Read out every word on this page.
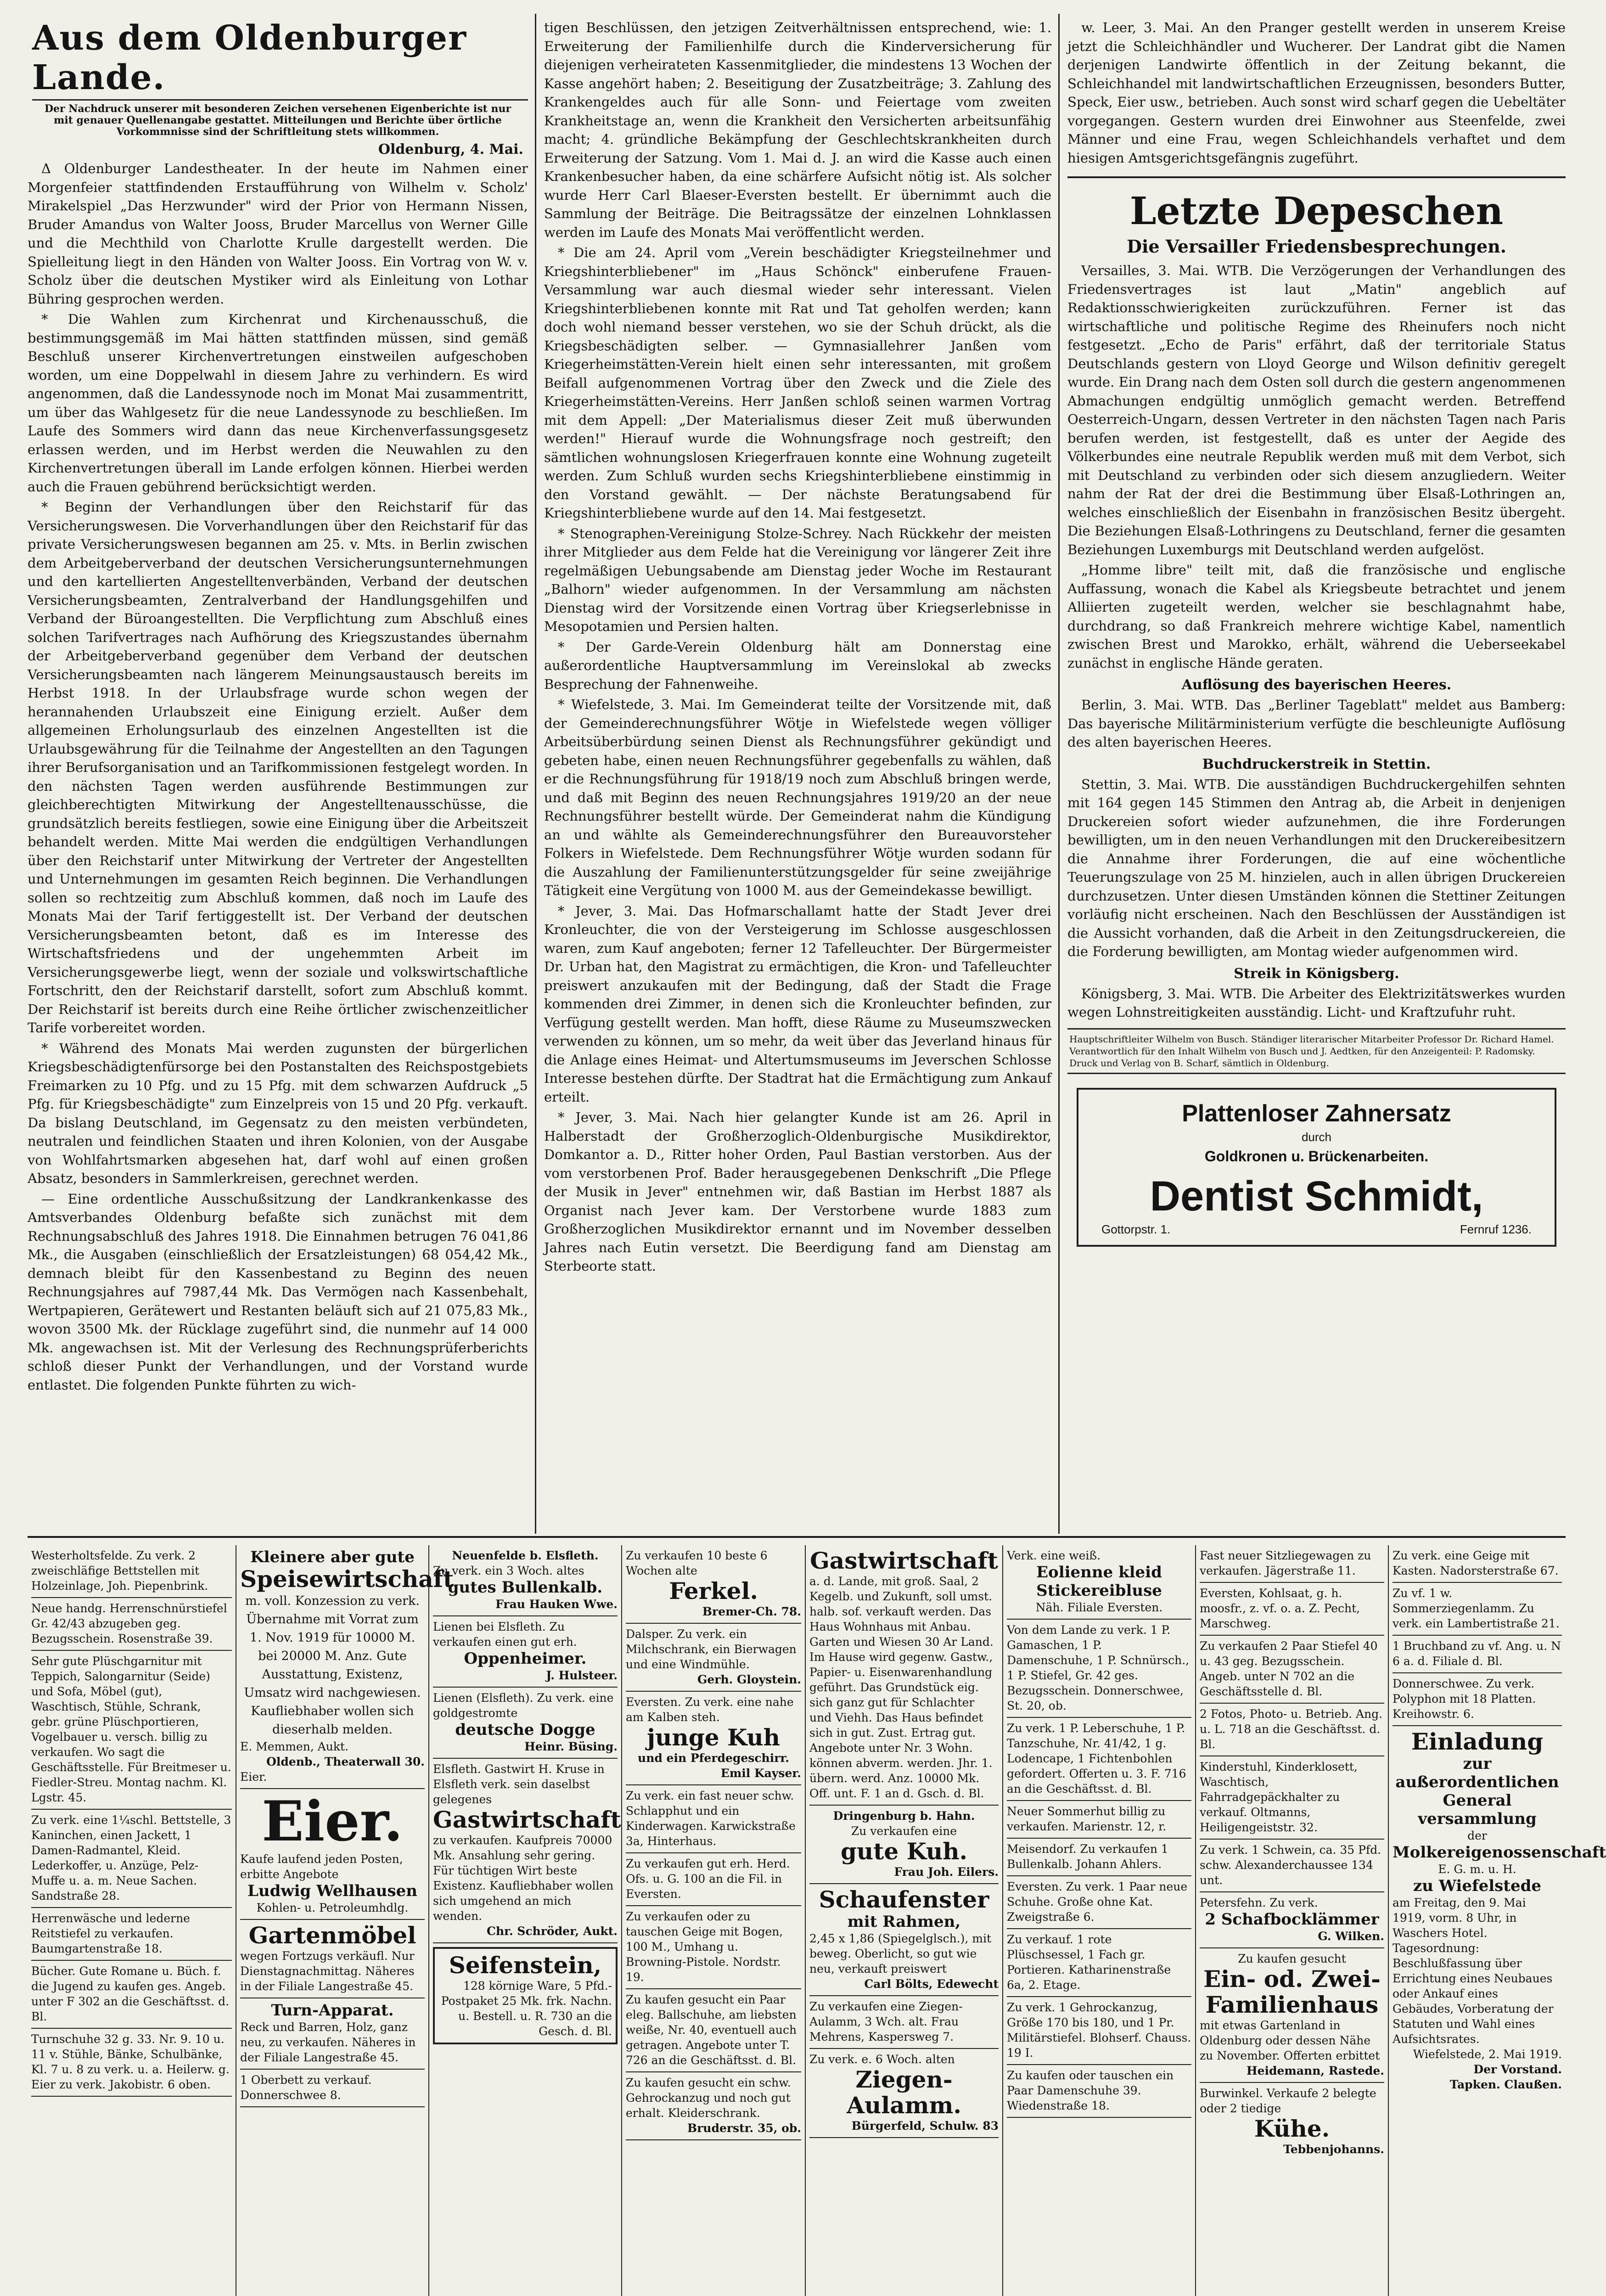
Aus dem Oldenburger Lande.
Der Nachdruck unserer mit besonderen Zeichen versehenen Eigenberichte ist nur mit genauer Quellenangabe gestattet. Mitteilungen und Berichte über örtliche Vorkommnisse sind der Schriftleitung stets willkommen.
Oldenburg, 4. Mai.

Δ Oldenburger Landestheater. In der heute im Nahmen einer Morgenfeier stattfindenden Erstaufführung von Wilhelm v. Scholz' Mirakelspiel „Das Herzwunder" wird der Prior von Hermann Nissen, Bruder Amandus von Walter Jooss, Bruder Marcellus von Werner Gille und die Mechthild von Charlotte Krulle dargestellt werden. Die Spielleitung liegt in den Händen von Walter Jooss. Ein Vortrag von W. v. Scholz über die deutschen Mystiker wird als Einleitung von Lothar Bühring gesprochen werden.

* Die Wahlen zum Kirchenrat und Kirchenausschuß, die bestimmungsgemäß im Mai hätten stattfinden müssen, sind gemäß Beschluß unserer Kirchenvertretungen einstweilen aufgeschoben worden, um eine Doppelwahl in diesem Jahre zu verhindern. Es wird angenommen, daß die Landessynode noch im Monat Mai zusammentritt, um über das Wahlgesetz für die neue Landessynode zu beschließen. Im Laufe des Sommers wird dann das neue Kirchenverfassungsgesetz erlassen werden, und im Herbst werden die Neuwahlen zu den Kirchenvertretungen überall im Lande erfolgen können. Hierbei werden auch die Frauen gebührend berücksichtigt werden.

* Beginn der Verhandlungen über den Reichstarif für das Versicherungswesen. Die Vorverhandlungen über den Reichstarif für das private Versicherungswesen begannen am 25. v. Mts. in Berlin zwischen dem Arbeitgeberverband der deutschen Versicherungsunternehmungen und den kartellierten Angestelltenverbänden, Verband der deutschen Versicherungsbeamten, Zentralverband der Handlungsgehilfen und Verband der Büroangestellten. Die Verpflichtung zum Abschluß eines solchen Tarifvertrages nach Aufhörung des Kriegszustandes übernahm der Arbeitgeberverband gegenüber dem Verband der deutschen Versicherungsbeamten nach längerem Meinungsaustausch bereits im Herbst 1918. In der Urlaubsfrage wurde schon wegen der herannahenden Urlaubszeit eine Einigung erzielt. Außer dem allgemeinen Erholungsurlaub des einzelnen Angestellten ist die Urlaubsgewährung für die Teilnahme der Angestellten an den Tagungen ihrer Berufsorganisation und an Tarifkommissionen festgelegt worden. In den nächsten Tagen werden ausführende Bestimmungen zur gleichberechtigten Mitwirkung der Angestelltenausschüsse, die grundsätzlich bereits festliegen, sowie eine Einigung über die Arbeitszeit behandelt werden. Mitte Mai werden die endgültigen Verhandlungen über den Reichstarif unter Mitwirkung der Vertreter der Angestellten und Unternehmungen im gesamten Reich beginnen. Die Verhandlungen sollen so rechtzeitig zum Abschluß kommen, daß noch im Laufe des Monats Mai der Tarif fertiggestellt ist. Der Verband der deutschen Versicherungsbeamten betont, daß es im Interesse des Wirtschaftsfriedens und der ungehemmten Arbeit im Versicherungsgewerbe liegt, wenn der soziale und volkswirtschaftliche Fortschritt, den der Reichstarif darstellt, sofort zum Abschluß kommt. Der Reichstarif ist bereits durch eine Reihe örtlicher zwischenzeitlicher Tarife vorbereitet worden.

* Während des Monats Mai werden zugunsten der bürgerlichen Kriegsbeschädigtenfürsorge bei den Postanstalten des Reichspostgebiets Freimarken zu 10 Pfg. und zu 15 Pfg. mit dem schwarzen Aufdruck „5 Pfg. für Kriegsbeschädigte" zum Einzelpreis von 15 und 20 Pfg. verkauft. Da bislang Deutschland, im Gegensatz zu den meisten verbündeten, neutralen und feindlichen Staaten und ihren Kolonien, von der Ausgabe von Wohlfahrtsmarken abgesehen hat, darf wohl auf einen großen Absatz, besonders in Sammlerkreisen, gerechnet werden.

— Eine ordentliche Ausschußsitzung der Landkrankenkasse des Amtsverbandes Oldenburg befaßte sich zunächst mit dem Rechnungsabschluß des Jahres 1918. Die Einnahmen betrugen 76 041,86 Mk., die Ausgaben (einschließlich der Ersatzleistungen) 68 054,42 Mk., demnach bleibt für den Kassenbestand zu Beginn des neuen Rechnungsjahres auf 7987,44 Mk. Das Vermögen nach Kassenbehalt, Wertpapieren, Gerätewert und Restanten beläuft sich auf 21 075,83 Mk., wovon 3500 Mk. der Rücklage zugeführt sind, die nunmehr auf 14 000 Mk. angewachsen ist. Mit der Verlesung des Rechnungsprüferberichts schloß dieser Punkt der Verhandlungen, und der Vorstand wurde entlastet. Die folgenden Punkte führten zu wich-

tigen Beschlüssen, den jetzigen Zeitverhältnissen entsprechend, wie: 1. Erweiterung der Familienhilfe durch die Kinderversicherung für diejenigen verheirateten Kassenmitglieder, die mindestens 13 Wochen der Kasse angehört haben; 2. Beseitigung der Zusatzbeiträge; 3. Zahlung des Krankengeldes auch für alle Sonn- und Feiertage vom zweiten Krankheitstage an, wenn die Krankheit den Versicherten arbeitsunfähig macht; 4. gründliche Bekämpfung der Geschlechtskrankheiten durch Erweiterung der Satzung. Vom 1. Mai d. J. an wird die Kasse auch einen Krankenbesucher haben, da eine schärfere Aufsicht nötig ist. Als solcher wurde Herr Carl Blaeser-Eversten bestellt. Er übernimmt auch die Sammlung der Beiträge. Die Beitragssätze der einzelnen Lohnklassen werden im Laufe des Monats Mai veröffentlicht werden.

* Die am 24. April vom „Verein beschädigter Kriegsteilnehmer und Kriegshinterbliebener" im „Haus Schönck" einberufene Frauen-Versammlung war auch diesmal wieder sehr interessant. Vielen Kriegshinterbliebenen konnte mit Rat und Tat geholfen werden; kann doch wohl niemand besser verstehen, wo sie der Schuh drückt, als die Kriegsbeschädigten selber. — Gymnasiallehrer Janßen vom Kriegerheimstätten-Verein hielt einen sehr interessanten, mit großem Beifall aufgenommenen Vortrag über den Zweck und die Ziele des Kriegerheimstätten-Vereins. Herr Janßen schloß seinen warmen Vortrag mit dem Appell: „Der Materialismus dieser Zeit muß überwunden werden!" Hierauf wurde die Wohnungsfrage noch gestreift; den sämtlichen wohnungslosen Kriegerfrauen konnte eine Wohnung zugeteilt werden. Zum Schluß wurden sechs Kriegshinterbliebene einstimmig in den Vorstand gewählt. — Der nächste Beratungsabend für Kriegshinterbliebene wurde auf den 14. Mai festgesetzt.

* Stenographen-Vereinigung Stolze-Schrey. Nach Rückkehr der meisten ihrer Mitglieder aus dem Felde hat die Vereinigung vor längerer Zeit ihre regelmäßigen Uebungsabende am Dienstag jeder Woche im Restaurant „Balhorn" wieder aufgenommen. In der Versammlung am nächsten Dienstag wird der Vorsitzende einen Vortrag über Kriegserlebnisse in Mesopotamien und Persien halten.

* Der Garde-Verein Oldenburg hält am Donnerstag eine außerordentliche Hauptversammlung im Vereinslokal ab zwecks Besprechung der Fahnenweihe.

* Wiefelstede, 3. Mai. Im Gemeinderat teilte der Vorsitzende mit, daß der Gemeinderechnungsführer Wötje in Wiefelstede wegen völliger Arbeitsüberbürdung seinen Dienst als Rechnungsführer gekündigt und gebeten habe, einen neuen Rechnungsführer gegebenfalls zu wählen, daß er die Rechnungsführung für 1918/19 noch zum Abschluß bringen werde, und daß mit Beginn des neuen Rechnungsjahres 1919/20 an der neue Rechnungsführer bestellt würde. Der Gemeinderat nahm die Kündigung an und wählte als Gemeinderechnungsführer den Bureauvorsteher Folkers in Wiefelstede. Dem Rechnungsführer Wötje wurden sodann für die Auszahlung der Familienunterstützungsgelder für seine zweijährige Tätigkeit eine Vergütung von 1000 M. aus der Gemeindekasse bewilligt.

* Jever, 3. Mai. Das Hofmarschallamt hatte der Stadt Jever drei Kronleuchter, die von der Versteigerung im Schlosse ausgeschlossen waren, zum Kauf angeboten; ferner 12 Tafelleuchter. Der Bürgermeister Dr. Urban hat, den Magistrat zu ermächtigen, die Kron- und Tafelleuchter preiswert anzukaufen mit der Bedingung, daß der Stadt die Frage kommenden drei Zimmer, in denen sich die Kronleuchter befinden, zur Verfügung gestellt werden. Man hofft, diese Räume zu Museumszwecken verwenden zu können, um so mehr, da weit über das Jeverland hinaus für die Anlage eines Heimat- und Altertumsmuseums im Jeverschen Schlosse Interesse bestehen dürfte. Der Stadtrat hat die Ermächtigung zum Ankauf erteilt.

* Jever, 3. Mai. Nach hier gelangter Kunde ist am 26. April in Halberstadt der Großherzoglich-Oldenburgische Musikdirektor, Domkantor a. D., Ritter hoher Orden, Paul Bastian verstorben. Aus der vom verstorbenen Prof. Bader herausgegebenen Denkschrift „Die Pflege der Musik in Jever" entnehmen wir, daß Bastian im Herbst 1887 als Organist nach Jever kam. Der Verstorbene wurde 1883 zum Großherzoglichen Musikdirektor ernannt und im November desselben Jahres nach Eutin versetzt. Die Beerdigung fand am Dienstag am Sterbeorte statt.

w. Leer, 3. Mai. An den Pranger gestellt werden in unserem Kreise jetzt die Schleichhändler und Wucherer. Der Landrat gibt die Namen derjenigen Landwirte öffentlich in der Zeitung bekannt, die Schleichhandel mit landwirtschaftlichen Erzeugnissen, besonders Butter, Speck, Eier usw., betrieben. Auch sonst wird scharf gegen die Uebeltäter vorgegangen. Gestern wurden drei Einwohner aus Steenfelde, zwei Männer und eine Frau, wegen Schleichhandels verhaftet und dem hiesigen Amtsgerichtsgefängnis zugeführt.

Letzte Depeschen
Die Versailler Friedensbesprechungen.

Versailles, 3. Mai. WTB. Die Verzögerungen der Verhandlungen des Friedensvertrages ist laut „Matin" angeblich auf Redaktionsschwierigkeiten zurückzuführen. Ferner ist das wirtschaftliche und politische Regime des Rheinufers noch nicht festgesetzt. „Echo de Paris" erfährt, daß der territoriale Status Deutschlands gestern von Lloyd George und Wilson definitiv geregelt wurde. Ein Drang nach dem Osten soll durch die gestern angenommenen Abmachungen endgültig unmöglich gemacht werden. Betreffend Oesterreich-Ungarn, dessen Vertreter in den nächsten Tagen nach Paris berufen werden, ist festgestellt, daß es unter der Aegide des Völkerbundes eine neutrale Republik werden muß mit dem Verbot, sich mit Deutschland zu verbinden oder sich diesem anzugliedern. Weiter nahm der Rat der drei die Bestimmung über Elsaß-Lothringen an, welches einschließlich der Eisenbahn in französischen Besitz übergeht. Die Beziehungen Elsaß-Lothringens zu Deutschland, ferner die gesamten Beziehungen Luxemburgs mit Deutschland werden aufgelöst.

„Homme libre" teilt mit, daß die französische und englische Auffassung, wonach die Kabel als Kriegsbeute betrachtet und jenem Alliierten zugeteilt werden, welcher sie beschlagnahmt habe, durchdrang, so daß Frankreich mehrere wichtige Kabel, namentlich zwischen Brest und Marokko, erhält, während die Ueberseekabel zunächst in englische Hände geraten.

Auflösung des bayerischen Heeres.

Berlin, 3. Mai. WTB. Das „Berliner Tageblatt" meldet aus Bamberg: Das bayerische Militärministerium verfügte die beschleunigte Auflösung des alten bayerischen Heeres.

Buchdruckerstreik in Stettin.

Stettin, 3. Mai. WTB. Die ausständigen Buchdruckergehilfen sehnten mit 164 gegen 145 Stimmen den Antrag ab, die Arbeit in denjenigen Druckereien sofort wieder aufzunehmen, die ihre Forderungen bewilligten, um in den neuen Verhandlungen mit den Druckereibesitzern die Annahme ihrer Forderungen, die auf eine wöchentliche Teuerungszulage von 25 M. hinzielen, auch in allen übrigen Druckereien durchzusetzen. Unter diesen Umständen können die Stettiner Zeitungen vorläufig nicht erscheinen. Nach den Beschlüssen der Ausständigen ist die Aussicht vorhanden, daß die Arbeit in den Zeitungsdruckereien, die die Forderung bewilligten, am Montag wieder aufgenommen wird.

Streik in Königsberg.

Königsberg, 3. Mai. WTB. Die Arbeiter des Elektrizitätswerkes wurden wegen Lohnstreitigkeiten ausständig. Licht- und Kraftzufuhr ruht.

Hauptschriftleiter Wilhelm von Busch. Ständiger literarischer Mitarbeiter Professor Dr. Richard Hamel. Verantwortlich für den Inhalt Wilhelm von Busch und J. Aedtken, für den Anzeigenteil: P. Radomsky. Druck und Verlag von B. Scharf, sämtlich in Oldenburg.
Plattenloser Zahnersatz
durch
Goldkronen u. Brückenarbeiten.
Dentist Schmidt,
Gottorpstr. 1.	Fernruf 1236.
Westerholtsfelde. Zu verk. 2 zweischläfige Bettstellen mit Holzeinlage, Joh. Piepenbrink.
Neue handg. Herrenschnürstiefel Gr. 42/43 abzugeben geg. Bezugsschein. Rosenstraße 39.
Sehr gute Plüschgarnitur mit Teppich, Salongarnitur (Seide) und Sofa, Möbel (gut), Waschtisch, Stühle, Schrank, gebr. grüne Plüschportieren, Vogelbauer u. versch. billig zu verkaufen. Wo sagt die Geschäftsstelle. Für Breitmeser u. Fiedler-Streu. Montag nachm. Kl. Lgstr. 45.
Zu verk. eine 1¼schl. Bettstelle, 3 Kaninchen, einen Jackett, 1 Damen-Radmantel, Kleid. Lederkoffer, u. Anzüge, Pelz-Muffe u. a. m. Neue Sachen. Sandstraße 28.
Herrenwäsche und lederne Reitstiefel zu verkaufen. Baumgartenstraße 18.
Bücher. Gute Romane u. Büch. f. die Jugend zu kaufen ges. Angeb. unter F 302 an die Geschäftsst. d. Bl.
Turnschuhe 32 g. 33. Nr. 9. 10 u. 11 v. Stühle, Bänke, Schulbänke, Kl. 7 u. 8 zu verk. u. a. Heilerw. g. Eier zu verk. Jakobistr. 6 oben.
Kleinere aber gute
Speisewirtschaft
m. voll. Konzession zu verk. Übernahme mit Vorrat zum 1. Nov. 1919 für 10000 M. bei 20000 M. Anz. Gute Ausstattung, Existenz, Umsatz wird nachgewiesen. Kaufliebhaber wollen sich dieserhalb melden.
E. Memmen, Aukt.
Oldenb., Theaterwall 30.
Eier.
Eier.
Kaufe laufend jeden Posten, erbitte Angebote
Ludwig Wellhausen
Kohlen- u. Petroleumhdlg.
Gartenmöbel
wegen Fortzugs verkäufl. Nur Dienstagnachmittag. Näheres in der Filiale Langestraße 45.
Turn-Apparat.
Reck und Barren, Holz, ganz neu, zu verkaufen. Näheres in der Filiale Langestraße 45.
1 Oberbett zu verkauf. Donnerschwee 8.
Neuenfelde b. Elsfleth.
Zu verk. ein 3 Woch. altes
gutes Bullenkalb.
Frau Hauken Wwe.
Lienen bei Elsfleth. Zu verkaufen einen gut erh.
Oppenheimer.
J. Hulsteer.
Lienen (Elsfleth). Zu verk. eine goldgestromte
deutsche Dogge
Heinr. Büsing.
Elsfleth. Gastwirt H. Kruse in Elsfleth verk. sein daselbst gelegenes
Gastwirtschaft
zu verkaufen. Kaufpreis 70000 Mk. Ansahlung sehr gering. Für tüchtigen Wirt beste Existenz. Kaufliebhaber wollen sich umgehend an mich wenden.
Chr. Schröder, Aukt.
Seifenstein,
128 körnige Ware, 5 Pfd.-Postpaket 25 Mk. frk. Nachn. u. Bestell. u. R. 730 an die Gesch. d. Bl.
Zu verkaufen 10 beste 6 Wochen alte
Ferkel.
Bremer-Ch. 78.
Dalsper. Zu verk. ein Milchschrank, ein Bierwagen und eine Windmühle.
Gerh. Gloystein.
Eversten. Zu verk. eine nahe am Kalben steh.
junge Kuh
und ein Pferdegeschirr.
Emil Kayser.
Zu verk. ein fast neuer schw. Schlapphut und ein Kinderwagen. Karwickstraße 3a, Hinterhaus.
Zu verkaufen gut erh. Herd. Ofs. u. G. 100 an die Fil. in Eversten.
Zu verkaufen oder zu tauschen Geige mit Bogen, 100 M., Umhang u. Browning-Pistole. Nordstr. 19.
Zu kaufen gesucht ein Paar eleg. Ballschuhe, am liebsten weiße, Nr. 40, eventuell auch getragen. Angebote unter T. 726 an die Geschäftsst. d. Bl.
Zu kaufen gesucht ein schw. Gehrockanzug und noch gut erhalt. Kleiderschrank.
Bruderstr. 35, ob.
Gastwirtschaft
a. d. Lande, mit groß. Saal, 2 Kegelb. und Zukunft, soll umst. halb. sof. verkauft werden. Das Haus Wohnhaus mit Anbau. Garten und Wiesen 30 Ar Land. Im Hause wird gegenw. Gastw., Papier- u. Eisenwarenhandlung geführt. Das Grundstück eig. sich ganz gut für Schlachter und Viehh. Das Haus befindet sich in gut. Zust. Ertrag gut. Angebote unter Nr. 3 Wohn. können abverm. werden. Jhr. 1. übern. werd. Anz. 10000 Mk. Off. unt. F. 1 an d. Gsch. d. Bl.
Dringenburg b. Hahn.
Zu verkaufen eine
gute Kuh.
Frau Joh. Eilers.
Schaufenster
mit Rahmen,
2,45 x 1,86 (Spiegelglsch.), mit beweg. Oberlicht, so gut wie neu, verkauft preiswert
Carl Bölts, Edewecht
Zu verkaufen eine Ziegen-Aulamm, 3 Wch. alt. Frau Mehrens, Kaspersweg 7.
Zu verk. e. 6 Woch. alten
Ziegen-Aulamm.
Bürgerfeld, Schulw. 83
Verk. eine weiß.
Eolienne kleid
Stickereibluse
Näh. Filiale Eversten.
Von dem Lande zu verk. 1 P. Gamaschen, 1 P. Damenschuhe, 1 P. Schnürsch., 1 P. Stiefel, Gr. 42 ges. Bezugsschein. Donnerschwee, St. 20, ob.
Zu verk. 1 P. Leberschuhe, 1 P. Tanzschuhe, Nr. 41/42, 1 g. Lodencape, 1 Fichtenbohlen gefordert. Offerten u. 3. F. 716 an die Geschäftsst. d. Bl.
Neuer Sommerhut billig zu verkaufen. Marienstr. 12, r.
Meisendorf. Zu verkaufen 1 Bullenkalb. Johann Ahlers.
Eversten. Zu verk. 1 Paar neue Schuhe. Große ohne Kat. Zweigstraße 6.
Zu verkauf. 1 rote Plüschsessel, 1 Fach gr. Portieren. Katharinenstraße 6a, 2. Etage.
Zu verk. 1 Gehrockanzug, Größe 170 bis 180, und 1 Pr. Militärstiefel. Blohserf. Chauss. 19 I.
Zu kaufen oder tauschen ein Paar Damenschuhe 39. Wiedenstraße 18.
Fast neuer Sitzliegewagen zu verkaufen. Jägerstraße 11.
Eversten, Kohlsaat, g. h. moosfr., z. vf. o. a. Z. Pecht, Marschweg.
Zu verkaufen 2 Paar Stiefel 40 u. 43 geg. Bezugsschein. Angeb. unter N 702 an die Geschäftsstelle d. Bl.
2 Fotos, Photo- u. Betrieb. Ang. u. L. 718 an die Geschäftsst. d. Bl.
Kinderstuhl, Kinderklosett, Waschtisch, Fahrradgepäckhalter zu verkauf. Oltmanns, Heiligengeiststr. 32.
Zu verk. 1 Schwein, ca. 35 Pfd. schw. Alexanderchaussee 134 unt.
Petersfehn. Zu verk.
2 Schafbocklämmer
G. Wilken.
Zu kaufen gesucht
Ein- od. Zwei-Familienhaus
mit etwas Gartenland in Oldenburg oder dessen Nähe zu November. Offerten erbittet
Heidemann, Rastede.
Burwinkel. Verkaufe 2 belegte oder 2 tiedige
Kühe.
Tebbenjohanns.
Zu verk. eine Geige mit Kasten. Nadorsterstraße 67.
Zu vf. 1 w. Sommerziegenlamm. Zu verk. ein Lambertistraße 21.
1 Bruchband zu vf. Ang. u. N 6 a. d. Filiale d. Bl.
Donnerschwee. Zu verk. Polyphon mit 18 Platten. Kreihowstr. 6.
Einladung
zur außerordentlichen
General versammlung
der
Molkereigenossenschaft
E. G. m. u. H.
zu Wiefelstede
am Freitag, den 9. Mai 1919, vorm. 8 Uhr, in Waschers Hotel.
Tagesordnung: Beschlußfassung über Errichtung eines Neubaues oder Ankauf eines Gebäudes, Vorberatung der Statuten und Wahl eines Aufsichtsrates.
Wiefelstede, 2. Mai 1919.
Der Vorstand.
Tapken. Claußen.
